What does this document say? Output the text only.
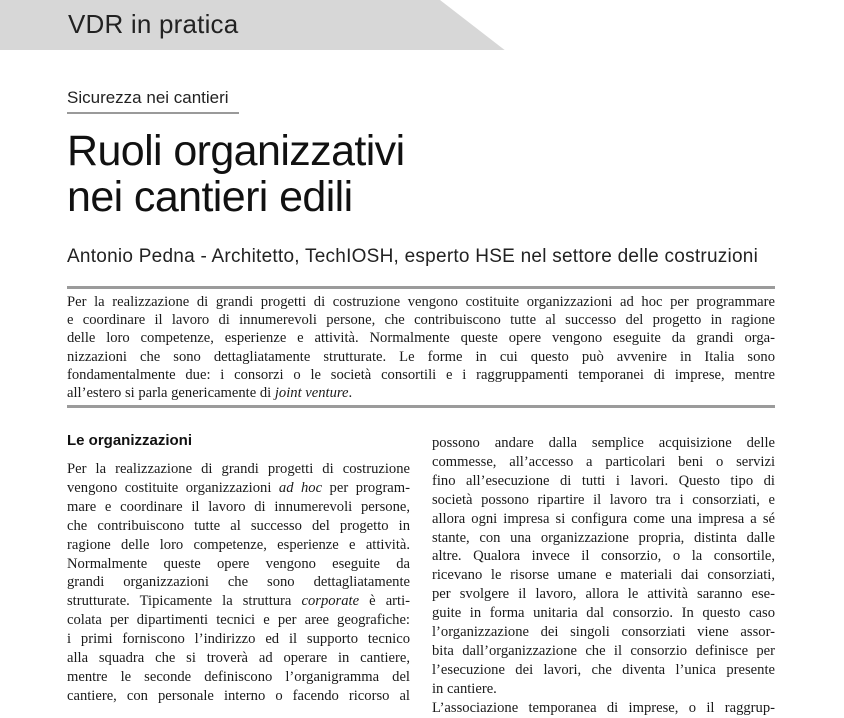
VDR in pratica
Sicurezza nei cantieri
Ruoli organizzativi
nei cantieri edili
Antonio Pedna - Architetto, TechIOSH, esperto HSE nel settore delle costruzioni
Per la realizzazione di grandi progetti di costruzione vengono costituite organizzazioni ad hoc per programmare
e coordinare il lavoro di innumerevoli persone, che contribuiscono tutte al successo del progetto in ragione
delle loro competenze, esperienze e attività. Normalmente queste opere vengono eseguite da grandi orga-
nizzazioni che sono dettagliatamente strutturate. Le forme in cui questo può avvenire in Italia sono
fondamentalmente due: i consorzi o le società consortili e i raggruppamenti temporanei di imprese, mentre
all’estero si parla genericamente di joint venture.
Le organizzazioni
Per la realizzazione di grandi progetti di costruzione
vengono costituite organizzazioni ad hoc per program-
mare e coordinare il lavoro di innumerevoli persone,
che contribuiscono tutte al successo del progetto in
ragione delle loro competenze, esperienze e attività.
Normalmente queste opere vengono eseguite da
grandi organizzazioni che sono dettagliatamente
strutturate. Tipicamente la struttura corporate è arti-
colata per dipartimenti tecnici e per aree geografiche:
i primi forniscono l’indirizzo ed il supporto tecnico
alla squadra che si troverà ad operare in cantiere,
mentre le seconde definiscono l’organigramma del
cantiere, con personale interno o facendo ricorso al
possono andare dalla semplice acquisizione delle
commesse, all’accesso a particolari beni o servizi
fino all’esecuzione di tutti i lavori. Questo tipo di
società possono ripartire il lavoro tra i consorziati, e
allora ogni impresa si configura come una impresa a sé
stante, con una organizzazione propria, distinta dalle
altre. Qualora invece il consorzio, o la consortile,
ricevano le risorse umane e materiali dai consorziati,
per svolgere il lavoro, allora le attività saranno ese-
guite in forma unitaria dal consorzio. In questo caso
l’organizzazione dei singoli consorziati viene assor-
bita dall’organizzazione che il consorzio definisce per
l’esecuzione dei lavori, che diventa l’unica presente
in cantiere.
L’associazione temporanea di imprese, o il raggrup-
